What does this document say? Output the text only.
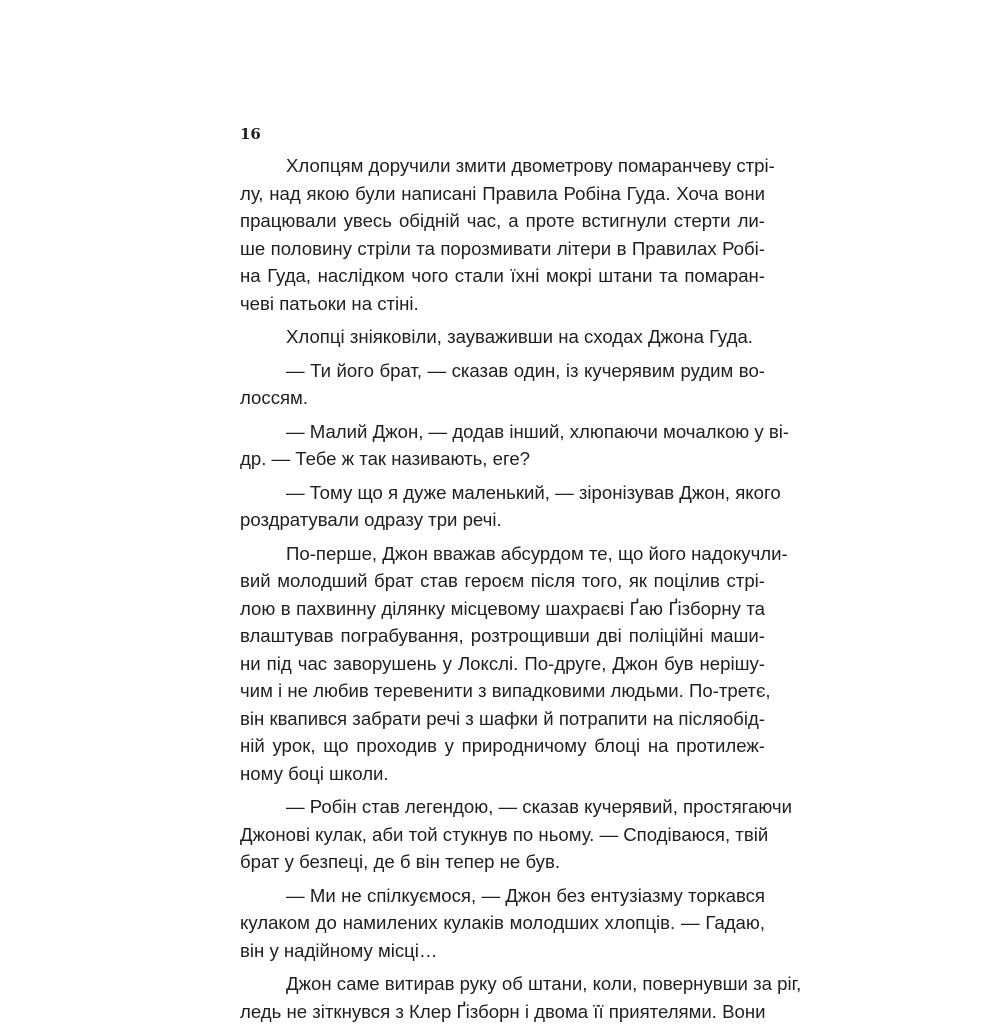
16
Хлопцям доручили змити двометрову помаранчеву стрі-
лу, над якою були написані Правила Робіна Гуда. Хоча вони
працювали увесь обідній час, а проте встигнули стерти ли-
ше половину стріли та порозмивати літери в Правилах Робі-
на Гуда, наслідком чого стали їхні мокрі штани та помаран-
чеві патьоки на стіні.
Хлопці зніяковіли, зауваживши на сходах Джона Гуда.
— Ти його брат, — сказав один, із кучерявим рудим во-
лоссям.
— Малий Джон, — додав інший, хлюпаючи мочалкою у ві-
др. — Тебе ж так називають, еге?
— Тому що я дуже маленький, — зіронізував Джон, якого
роздратували одразу три речі.
По-перше, Джон вважав абсурдом те, що його надокучли-
вий молодший брат став героєм після того, як поцілив стрі-
лою в пахвинну ділянку місцевому шахраєві Ґаю Ґізборну та
влаштував пограбування, розтрощивши дві поліційні маши-
ни під час заворушень у Локслі. По-друге, Джон був нерішу-
чим і не любив теревенити з випадковими людьми. По-третє,
він квапився забрати речі з шафки й потрапити на післяобід-
ній урок, що проходив у природничому блоці на протилеж-
ному боці школи.
— Робін став легендою, — сказав кучерявий, простягаючи
Джонові кулак, аби той стукнув по ньому. — Сподіваюся, твій
брат у безпеці, де б він тепер не був.
— Ми не спілкуємося, — Джон без ентузіазму торкався
кулаком до намилених кулаків молодших хлопців. — Гадаю,
він у надійному місці…
Джон саме витирав руку об штани, коли, повернувши за ріг,
ледь не зіткнувся з Клер Ґізборн і двома її приятелями. Вони
